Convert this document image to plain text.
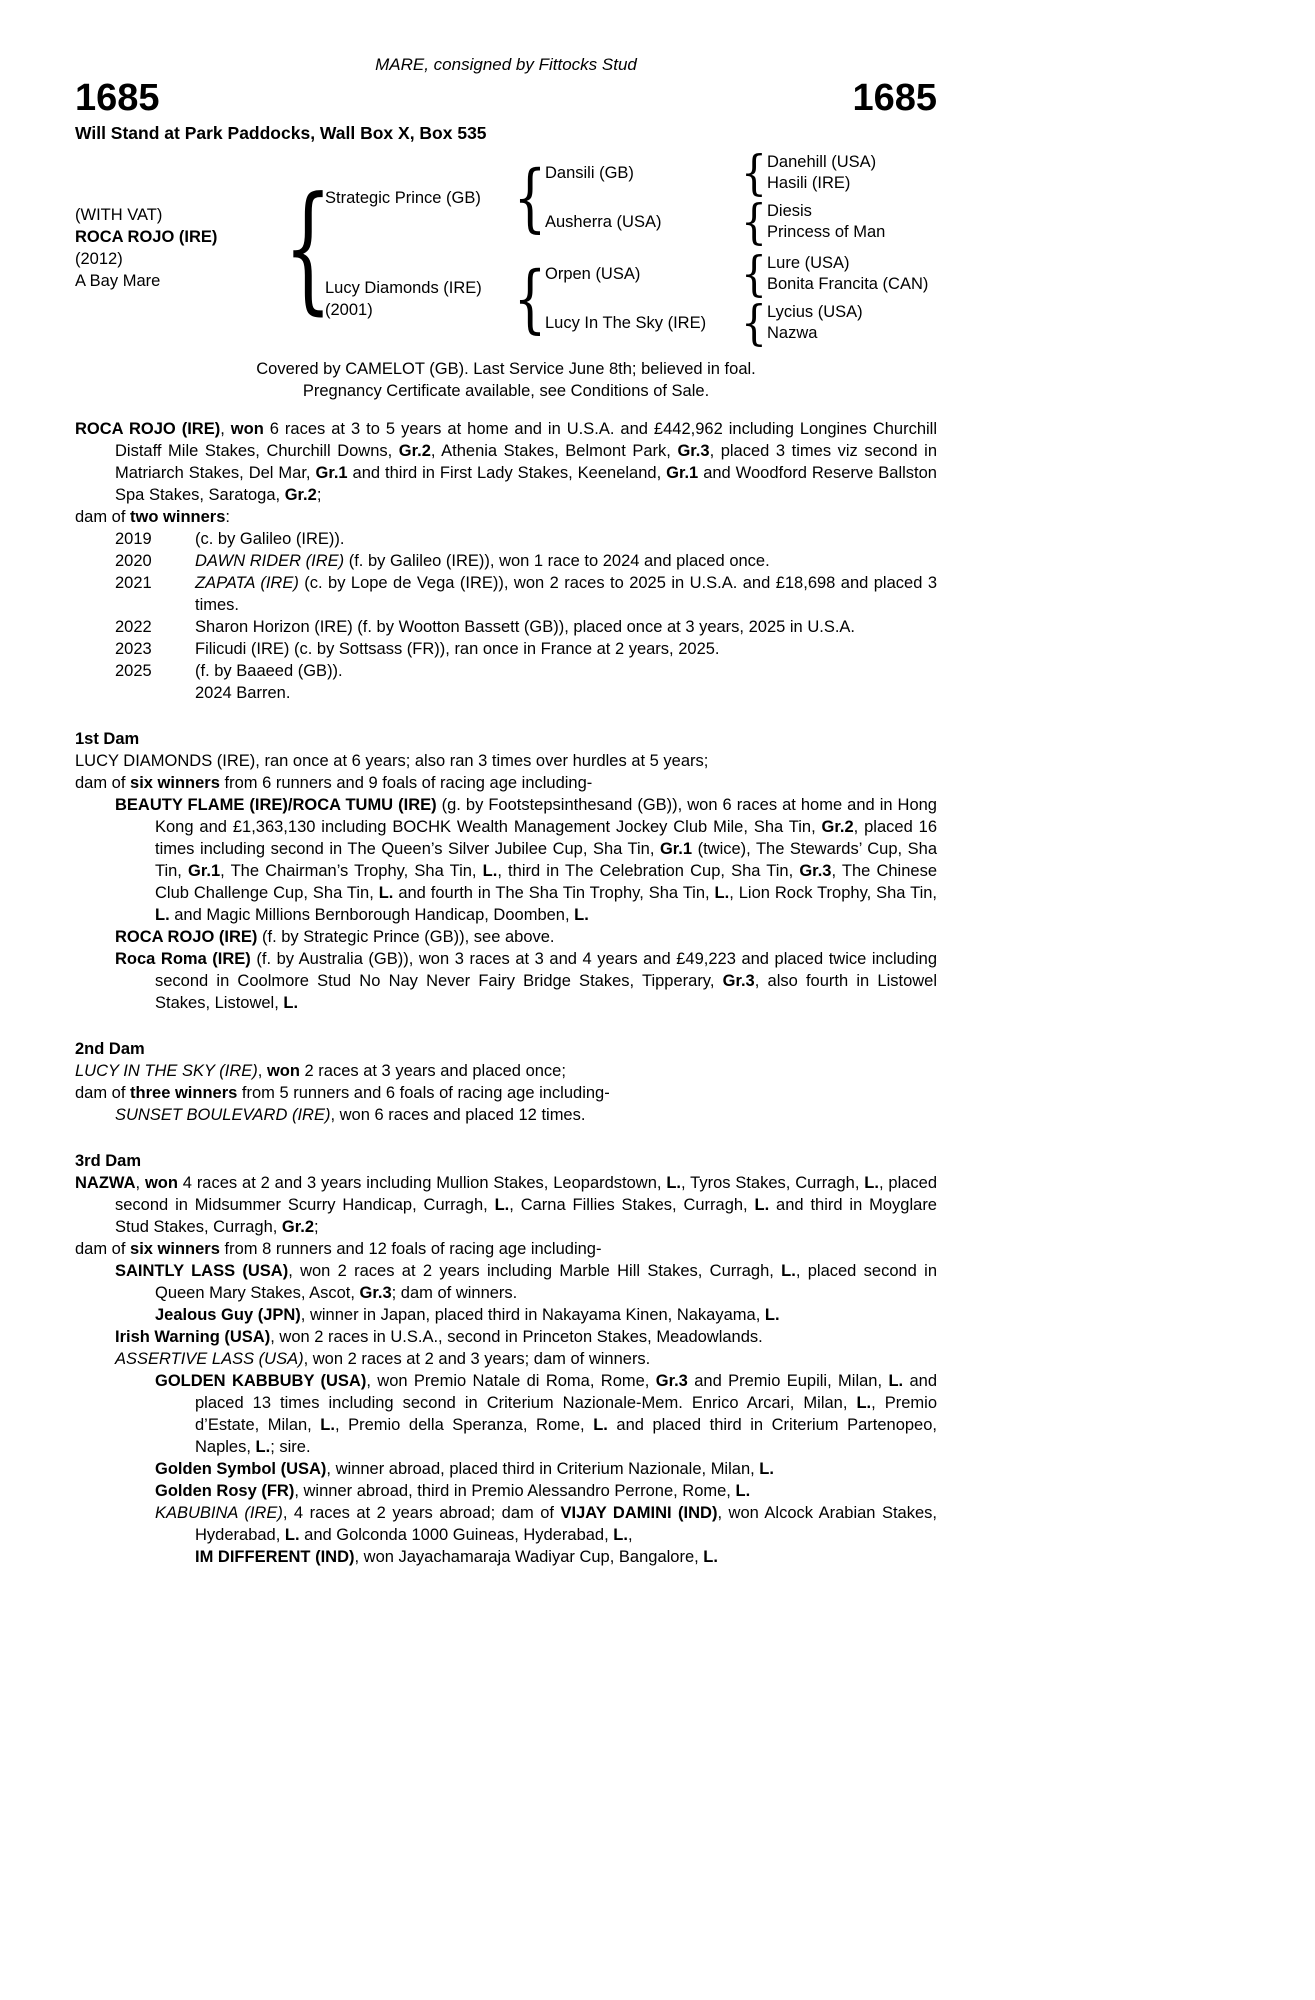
MARE, consigned by Fittocks Stud
1685	1685
Will Stand at Park Paddocks, Wall Box X, Box 535
(WITH VAT)
ROCA ROJO (IRE)
(2012)
A Bay Mare {
Strategic Prince (GB) {
Dansili (GB)	{ Danehill (USA)
Hasili (IRE)
Ausherra (USA)	{ Diesis
Princess of Man
Lucy Diamonds (IRE)
(2001)	{
Orpen (USA)	{ Lure (USA)
Bonita Francita (CAN)
Lucy In The Sky (IRE) { Lycius (USA)
Nazwa
Covered by CAMELOT (GB). Last Service June 8th; believed in foal.
Pregnancy Certificate available, see Conditions of Sale.
ROCA ROJO (IRE), won 6 races at 3 to 5 years at home and in U.S.A. and £442,962 including Longines Churchill Distaff Mile Stakes, Churchill Downs, Gr.2, Athenia Stakes, Belmont Park, Gr.3, placed 3 times viz second in Matriarch Stakes, Del Mar, Gr.1 and third in First Lady Stakes, Keeneland, Gr.1 and Woodford Reserve Ballston Spa Stakes, Saratoga, Gr.2;
dam of two winners:
2019	(c. by Galileo (IRE)).
2020	DAWN RIDER (IRE) (f. by Galileo (IRE)), won 1 race to 2024 and placed once.
2021	ZAPATA (IRE) (c. by Lope de Vega (IRE)), won 2 races to 2025 in U.S.A. and £18,698 and placed 3 times.
2022	Sharon Horizon (IRE) (f. by Wootton Bassett (GB)), placed once at 3 years, 2025 in U.S.A.
2023	Filicudi (IRE) (c. by Sottsass (FR)), ran once in France at 2 years, 2025.
2025	(f. by Baaeed (GB)).
2024 Barren.
1st Dam
LUCY DIAMONDS (IRE), ran once at 6 years; also ran 3 times over hurdles at 5 years;
dam of six winners from 6 runners and 9 foals of racing age including-
BEAUTY FLAME (IRE)/ROCA TUMU (IRE) (g. by Footstepsinthesand (GB)), won 6 races at home and in Hong Kong and £1,363,130 including BOCHK Wealth Management Jockey Club Mile, Sha Tin, Gr.2, placed 16 times including second in The Queen’s Silver Jubilee Cup, Sha Tin, Gr.1 (twice), The Stewards’ Cup, Sha Tin, Gr.1, The Chairman’s Trophy, Sha Tin, L., third in The Celebration Cup, Sha Tin, Gr.3, The Chinese Club Challenge Cup, Sha Tin, L. and fourth in The Sha Tin Trophy, Sha Tin, L., Lion Rock Trophy, Sha Tin, L. and Magic Millions Bernborough Handicap, Doomben, L.
ROCA ROJO (IRE) (f. by Strategic Prince (GB)), see above.
Roca Roma (IRE) (f. by Australia (GB)), won 3 races at 3 and 4 years and £49,223 and placed twice including second in Coolmore Stud No Nay Never Fairy Bridge Stakes, Tipperary, Gr.3, also fourth in Listowel Stakes, Listowel, L.
2nd Dam
LUCY IN THE SKY (IRE), won 2 races at 3 years and placed once;
dam of three winners from 5 runners and 6 foals of racing age including-
SUNSET BOULEVARD (IRE), won 6 races and placed 12 times.
3rd Dam
NAZWA, won 4 races at 2 and 3 years including Mullion Stakes, Leopardstown, L., Tyros Stakes, Curragh, L., placed second in Midsummer Scurry Handicap, Curragh, L., Carna Fillies Stakes, Curragh, L. and third in Moyglare Stud Stakes, Curragh, Gr.2;
dam of six winners from 8 runners and 12 foals of racing age including-
SAINTLY LASS (USA), won 2 races at 2 years including Marble Hill Stakes, Curragh, L., placed second in Queen Mary Stakes, Ascot, Gr.3; dam of winners.
Jealous Guy (JPN), winner in Japan, placed third in Nakayama Kinen, Nakayama, L.
Irish Warning (USA), won 2 races in U.S.A., second in Princeton Stakes, Meadowlands.
ASSERTIVE LASS (USA), won 2 races at 2 and 3 years; dam of winners.
GOLDEN KABBUBY (USA), won Premio Natale di Roma, Rome, Gr.3 and Premio Eupili, Milan, L. and placed 13 times including second in Criterium Nazionale-Mem. Enrico Arcari, Milan, L., Premio d’Estate, Milan, L., Premio della Speranza, Rome, L. and placed third in Criterium Partenopeo, Naples, L.; sire.
Golden Symbol (USA), winner abroad, placed third in Criterium Nazionale, Milan, L.
Golden Rosy (FR), winner abroad, third in Premio Alessandro Perrone, Rome, L.
KABUBINA (IRE), 4 races at 2 years abroad; dam of VIJAY DAMINI (IND), won Alcock Arabian Stakes, Hyderabad, L. and Golconda 1000 Guineas, Hyderabad, L.,
IM DIFFERENT (IND), won Jayachamaraja Wadiyar Cup, Bangalore, L.
